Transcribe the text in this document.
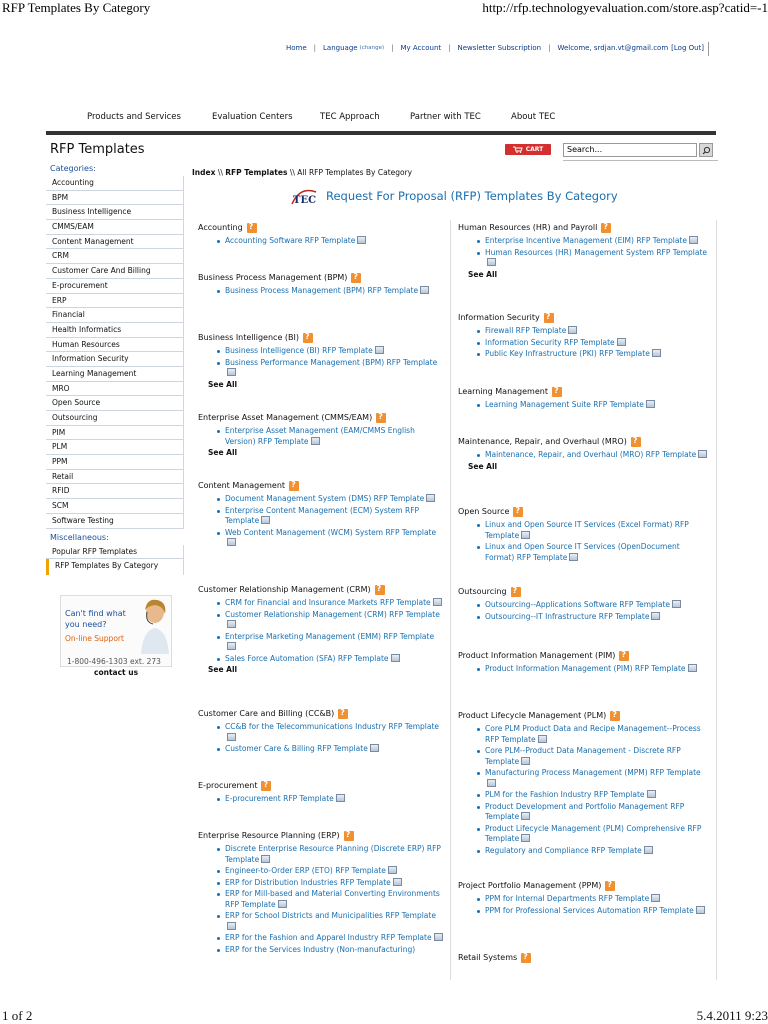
RFP Templates By Category	http://rfp.technologyevaluation.com/store.asp?catid=-1
1 of 2	5.4.2011 9:23
Home | Language (change) | My Account | Newsletter Subscription | Welcome, srdjan.vt@gmail.com [Log Out]
Products and Services	Evaluation Centers	TEC Approach	Partner with TEC	About TEC
RFP Templates	CART	Search...
Categories:
Accounting
BPM
Business Intelligence
CMMS/EAM
Content Management
CRM
Customer Care And Billing
E-procurement
ERP
Financial
Health Informatics
Human Resources
Information Security
Learning Management
MRO
Open Source
Outsourcing
PIM
PLM
PPM
Retail
RFID
SCM
Software Testing
Miscellaneous:
Popular RFP Templates
RFP Templates By Category
Can't find what you need?
On-line Support
1-800-496-1303 ext. 273
contact us
Index \\ RFP Templates \\ All RFP Templates By Category
TEC Request For Proposal (RFP) Templates By Category
Accounting
?
Accounting Software RFP Template
Business Process Management (BPM)
?
Business Process Management (BPM) RFP Template
Business Intelligence (BI)
?
Business Intelligence (BI) RFP Template
Business Performance Management (BPM) RFP Template
See All
Enterprise Asset Management (CMMS/EAM)
?
Enterprise Asset Management (EAM/CMMS English Version) RFP Template
See All
Content Management
?
Document Management System (DMS) RFP Template
Enterprise Content Management (ECM) System RFP Template
Web Content Management (WCM) System RFP Template
Customer Relationship Management (CRM)
?
CRM for Financial and Insurance Markets RFP Template
Customer Relationship Management (CRM) RFP Template
Enterprise Marketing Management (EMM) RFP Template
Sales Force Automation (SFA) RFP Template
See All
Customer Care and Billing (CC&B)
?
CC&B for the Telecommunications Industry RFP Template
Customer Care & Billing RFP Template
E-procurement
?
E-procurement RFP Template
Enterprise Resource Planning (ERP)
?
Discrete Enterprise Resource Planning (Discrete ERP) RFP Template
Engineer-to-Order ERP (ETO) RFP Template
ERP for Distribution Industries RFP Template
ERP for Mill-based and Material Converting Environments RFP Template
ERP for School Districts and Municipalities RFP Template
ERP for the Fashion and Apparel Industry RFP Template
ERP for the Services Industry (Non-manufacturing)
Human Resources (HR) and Payroll
?
Enterprise Incentive Management (EIM) RFP Template
Human Resources (HR) Management System RFP Template
See All
Information Security
?
Firewall RFP Template
Information Security RFP Template
Public Key Infrastructure (PKI) RFP Template
Learning Management
?
Learning Management Suite RFP Template
Maintenance, Repair, and Overhaul (MRO)
?
Maintenance, Repair, and Overhaul (MRO) RFP Template
See All
Open Source
?
Linux and Open Source IT Services (Excel Format) RFP Template
Linux and Open Source IT Services (OpenDocument Format) RFP Template
Outsourcing
?
Outsourcing--Applications Software RFP Template
Outsourcing--IT Infrastructure RFP Template
Product Information Management (PIM)
?
Product Information Management (PIM) RFP Template
Product Lifecycle Management (PLM)
?
Core PLM Product Data and Recipe Management--Process RFP Template
Core PLM--Product Data Management - Discrete RFP Template
Manufacturing Process Management (MPM) RFP Template
PLM for the Fashion Industry RFP Template
Product Development and Portfolio Management RFP Template
Product Lifecycle Management (PLM) Comprehensive RFP Template
Regulatory and Compliance RFP Template
Project Portfolio Management (PPM)
?
PPM for Internal Departments RFP Template
PPM for Professional Services Automation RFP Template
Retail Systems
?
